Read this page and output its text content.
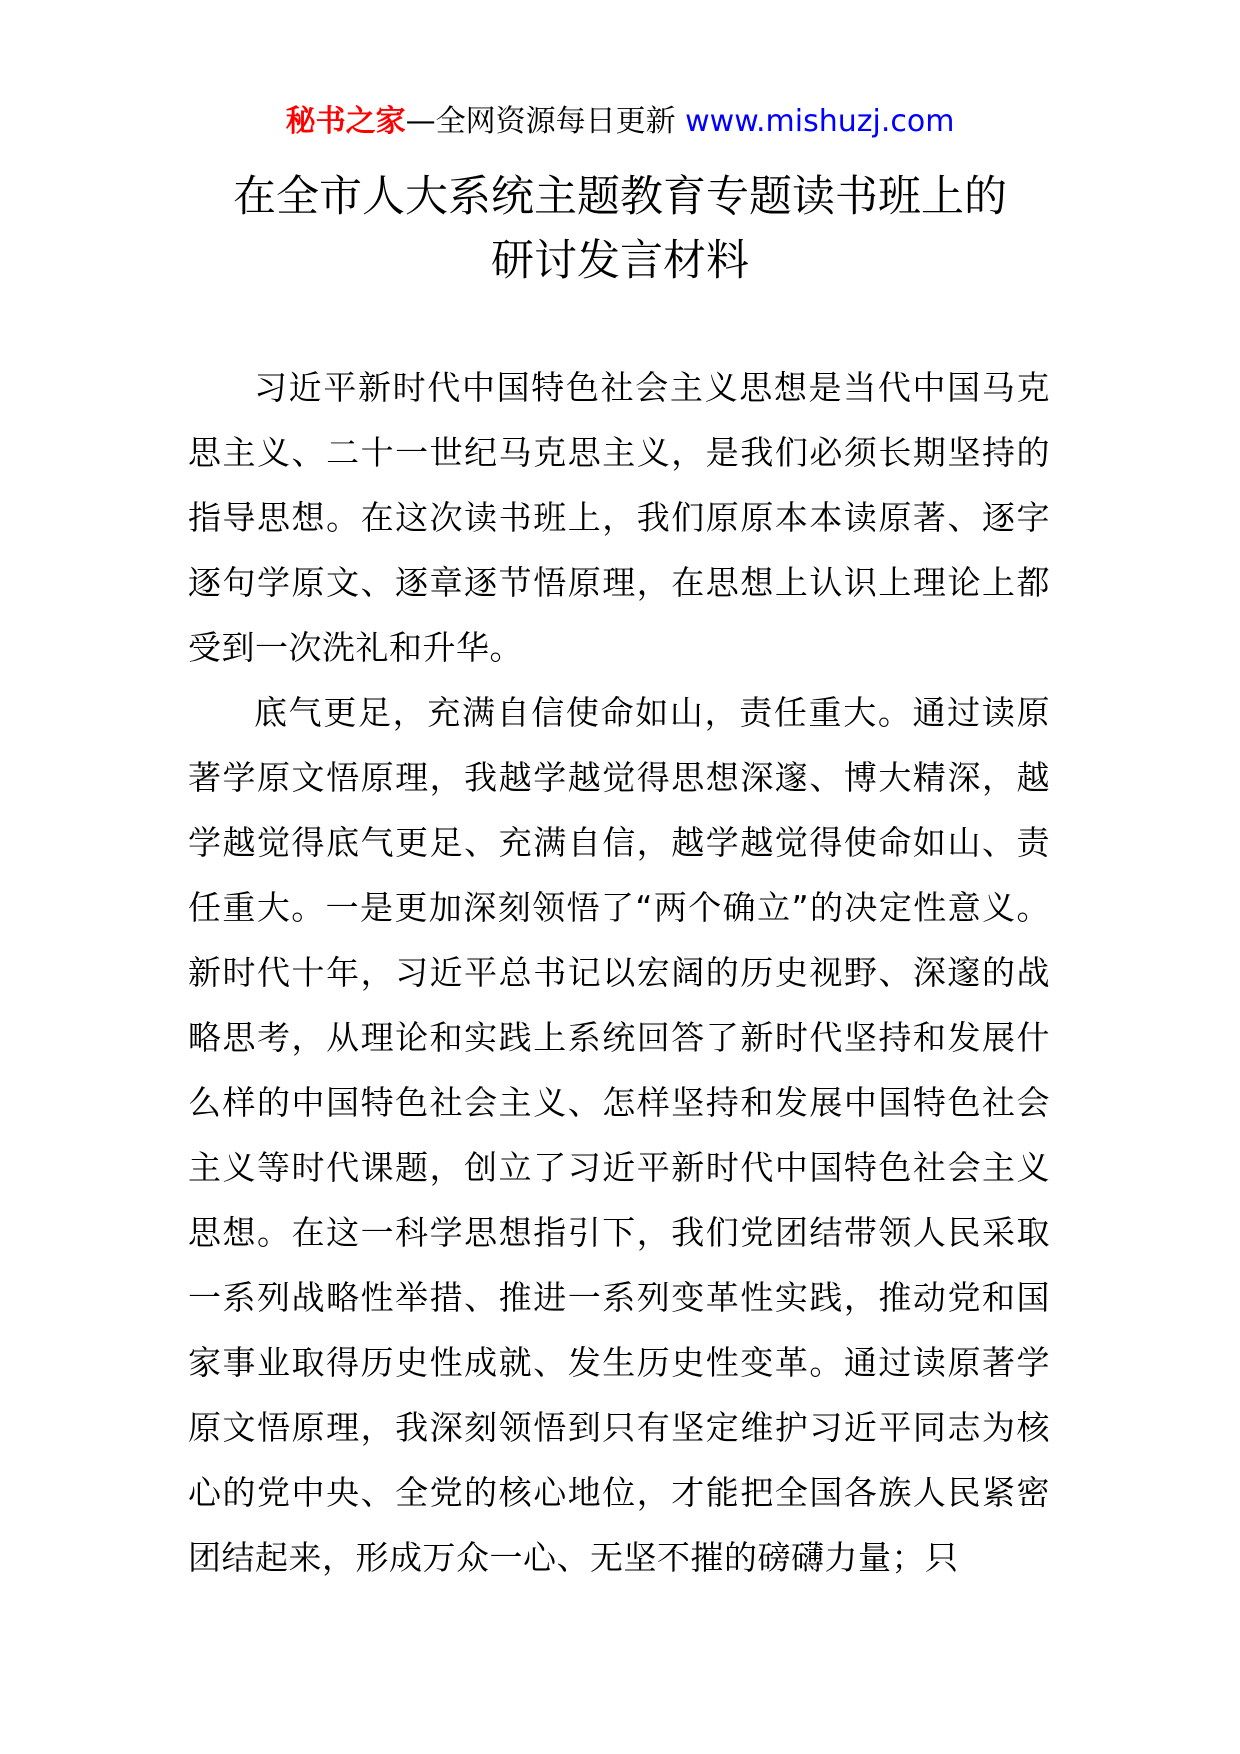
秘书之家—全网资源每日更新 www.mishuzj.com
在全市人大系统主题教育专题读书班上的
研讨发言材料

习近平新时代中国特色社会主义思想是当代中国马克思主义、二十一世纪马克思主义，是我们必须长期坚持的指导思想。在这次读书班上，我们原原本本读原著、逐字逐句学原文、逐章逐节悟原理，在思想上认识上理论上都受到一次洗礼和升华。

底气更足，充满自信使命如山，责任重大。通过读原著学原文悟原理，我越学越觉得思想深邃、博大精深，越学越觉得底气更足、充满自信，越学越觉得使命如山、责任重大。一是更加深刻领悟了“两个确立”的决定性意义。新时代十年，习近平总书记以宏阔的历史视野、深邃的战略思考，从理论和实践上系统回答了新时代坚持和发展什么样的中国特色社会主义、怎样坚持和发展中国特色社会主义等时代课题，创立了习近平新时代中国特色社会主义思想。在这一科学思想指引下，我们党团结带领人民采取一系列战略性举措、推进一系列变革性实践，推动党和国家事业取得历史性成就、发生历史性变革。通过读原著学原文悟原理，我深刻领悟到只有坚定维护习近平同志为核心的党中央、全党的核心地位，才能把全国各族人民紧密团结起来，形成万众一心、无坚不摧的磅礴力量；只
